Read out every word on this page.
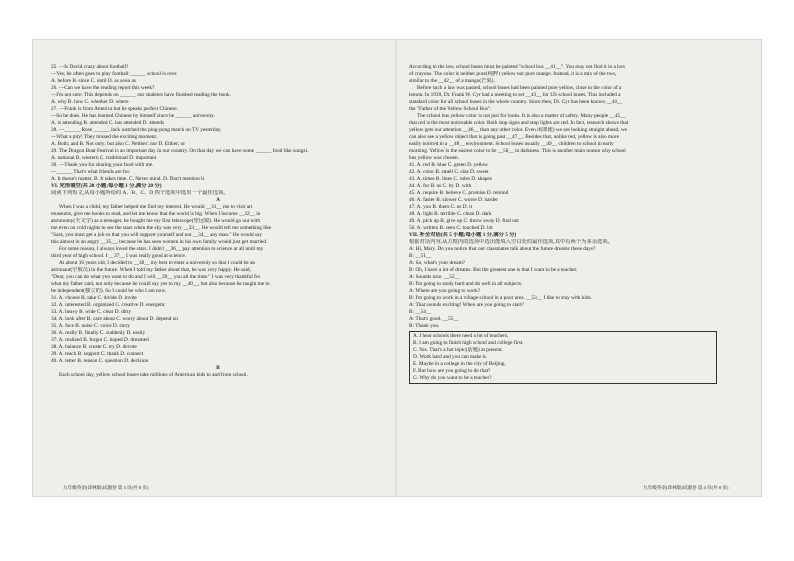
25. —Is David crazy about football?
—Yes, he often goes to play football ______ school is over.
A. before B. since C. until D. as soon as
26. —Can we have the reading report this week?
—I'm not sure. This depends on ______ our students have finished reading the book.
A. why B. how C. whether D. where
27. —Frank is from America but he speaks perfect Chinese.
—So he does. He has learned Chinese by himself since he ______ university.
A. is attending B. attended C. has attended D. attends
28. —______ Rose ______ Jack watched the ping-pong match on TV yesterday.
—What a pity! They missed the exciting moment.
A. Both; and B. Not only; but also C. Neither; nor D. Either; or
29. The Dragon Boat Festival is an important day in our country. On that day we can have some ______ food like zongzi.
A. national B. western C. traditional D. important
30. —Thank you for sharing your food with me.
—______ That's what friends are for.
A. It doesn't matter. B. It takes time. C. Never mind. D. Don't mention it.
VI. 完形填空(共 20 小题;每小题 1 分,满分 20 分)
阅读下列短文,从每小题所给的 A、B、C、D 四个选项中选出一个最佳选项。
A
When I was a child, my father helped me find my interest. He would __31__ me to visit art
museums, give me books to read, and let me know that the world is big. When I became __32__ in
astronomy(天文学) as a teenager, he bought me my first telescope(望远镜). He would go out with
me even on cold nights to see the stars when the sky was very __33__. He would tell me something like
"Sara, you must get a job so that you will support yourself and not __34__ any man." He would say
this almost in an angry __35__, because he has seen women in his own family would just get married.
For some reason, I always loved the stars. I didn't __36__ pay attention to science at all until my
third year of high school. I __37__ I was really good at science.
At about 16 years old, I decided to __38__ my best to enter a university so that I could be an
astronaut(宇航员) in the future. When I told my father about that, he was very happy. He said,
"Dear, you can do what you want to do and I will __39__ you all the time." I was very thankful for
what my father said, not only because he could say yes to my __40__, but also because he taught me to
be independent(独立的). So I could be who I am now.
31. A. choose B. take C. divide D. invite
32. A. interested B. organized C. creative D. energetic
33. A. heavy B. wide C. clear D. dirty
34. A. look after B. care about C. worry about D. depend on
35. A. face B. noise C. voice D. story
36. A. really B. finally C. suddenly D. easily
37. A. realized B. forgot C. hoped D. dreamed
38. A. balance B. create C. try D. devote
39. A. teach B. support C. thank D. connect
40. A. letter B. reason C. question D. decision
B
Each school day, yellow school buses take millions of American kids to and from school.
According to the law, school buses must be painted "school bus __41__". You may not find it in a box
of crayons. The color is neither pure(纯粹) yellow nor pure orange. Instead, it is a mix of the two,
similar to the __42__ of a mango(芒果).
Before such a law was passed, school buses had been painted pure yellow, close to the color of a
lemon. In 1939, Dr. Frank W. Cyr had a meeting to set __43__ for US school buses. This included a
standard color for all school buses in the whole country. Since then, Dr. Cyr has been known __44__
the "Father of the Yellow School Bus".
The school bus yellow color is not just for looks. It is also a matter of safety. Many people __45__
that red is the most noticeable color. Both stop signs and stop lights are red. In fact, research shows that
yellow gets our attention __46__ than any other color. Even if(即使) we are looking straight ahead, we
can also see a yellow object that is going past __47__. Besides that, unlike red, yellow is also more
easily noticed in a __48__ environment. School buses usually __49__ children to school in early
morning. Yellow is the easiest color to be __50__ in darkness. This is another main reason why school
bus yellow was chosen.
41. A. red B. blue C. green D. yellow
42. A. color B. smell C. size D. sweet
43. A. times B. lines C. rules D. shapes
44. A. for B. as C. by D. with
45. A. require B. believe C. promise D. remind
46. A. faster B. slower C. worse D. harder
47. A. you B. them C. us D. it
48. A. light B. terrible C. clean D. dark
49. A. pick up B. give up C. throw away D. find out
50. A. written B. seen C. touched D. hit
VII. 补全对话(共 5 小题;每小题 1 分,满分 5 分)
根据对话内容,从方框内的选项中选出能填入空白处的最佳选项,其中有两个为多余选项。
A: Hi, Mary. Do you notice that our classmates talk about the future dreams these days?
B: __51__
A: So, what's your dream?
B: Oh, I have a lot of dreams. But the greatest one is that I want to be a teacher.
A: Sounds nice. __52__
B: I'm going to study hard and do well in all subjects.
A: Where are you going to work?
B: I'm going to work in a village school in a poor area. __53__ I like to stay with kids.
A: That sounds exciting! When are you going to start?
B: __54__
A: That's good. __55__
B: Thank you.
A. I hear schools there need a lot of teachers.
B. I am going to finish high school and college first.
C. Yes. That's a hot topic(话题) at present.
D. Work hard and you can make it.
E. Maybe in a college in the city of Beijing.
F. But how are you going to do that?
G. Why do you want to be a teacher?
九年级英语(译林版)试题卷 第 3 页(共 8 页)	九年级英语(译林版)试题卷 第 4 页(共 8 页)
